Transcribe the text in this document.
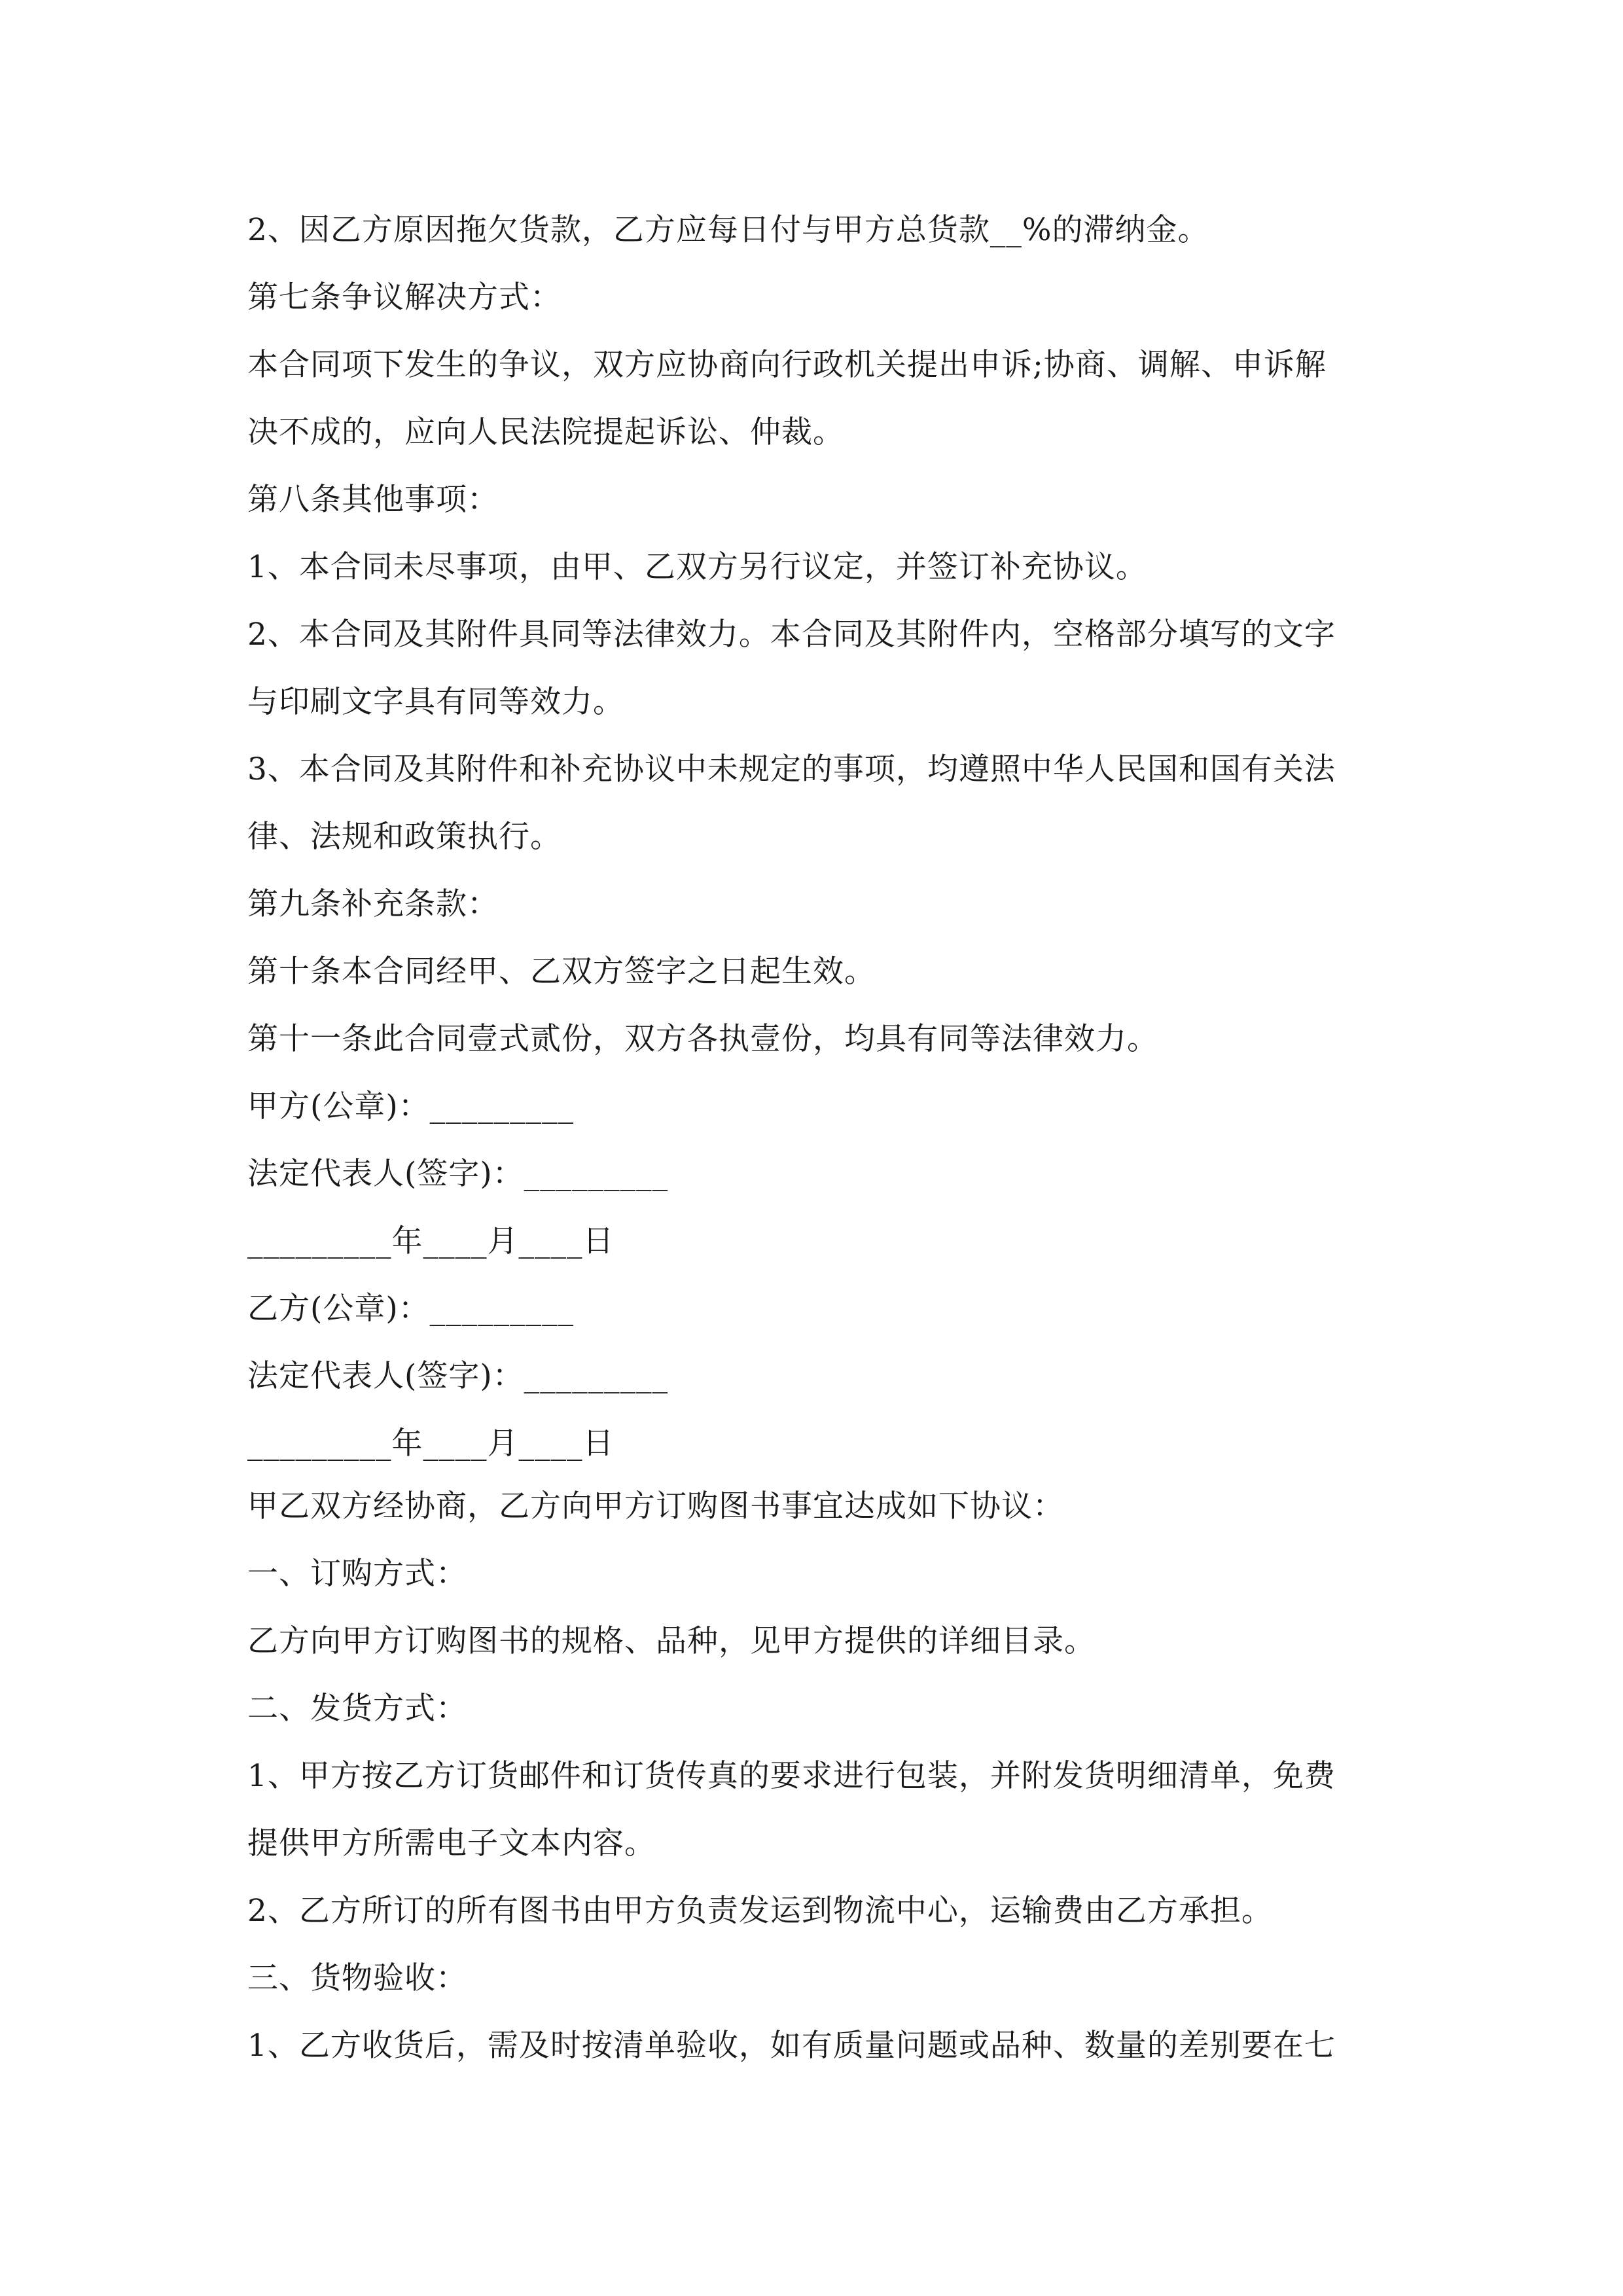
2、因乙方原因拖欠货款，乙方应每日付与甲方总货款__%的滞纳金。
第七条争议解决方式：
本合同项下发生的争议，双方应协商向行政机关提出申诉;协商、调解、申诉解
决不成的，应向人民法院提起诉讼、仲裁。
第八条其他事项：
1、本合同未尽事项，由甲、乙双方另行议定，并签订补充协议。
2、本合同及其附件具同等法律效力。本合同及其附件内，空格部分填写的文字
与印刷文字具有同等效力。
3、本合同及其附件和补充协议中未规定的事项，均遵照中华人民国和国有关法
律、法规和政策执行。
第九条补充条款：
第十条本合同经甲、乙双方签字之日起生效。
第十一条此合同壹式贰份，双方各执壹份，均具有同等法律效力。
甲方(公章)：_________
法定代表人(签字)：_________
_________年____月____日
乙方(公章)：_________
法定代表人(签字)：_________
_________年____月____日
甲乙双方经协商，乙方向甲方订购图书事宜达成如下协议：
一、订购方式：
乙方向甲方订购图书的规格、品种，见甲方提供的详细目录。
二、发货方式：
1、甲方按乙方订货邮件和订货传真的要求进行包装，并附发货明细清单，免费
提供甲方所需电子文本内容。
2、乙方所订的所有图书由甲方负责发运到物流中心，运输费由乙方承担。
三、货物验收：
1、乙方收货后，需及时按清单验收，如有质量问题或品种、数量的差别要在七
